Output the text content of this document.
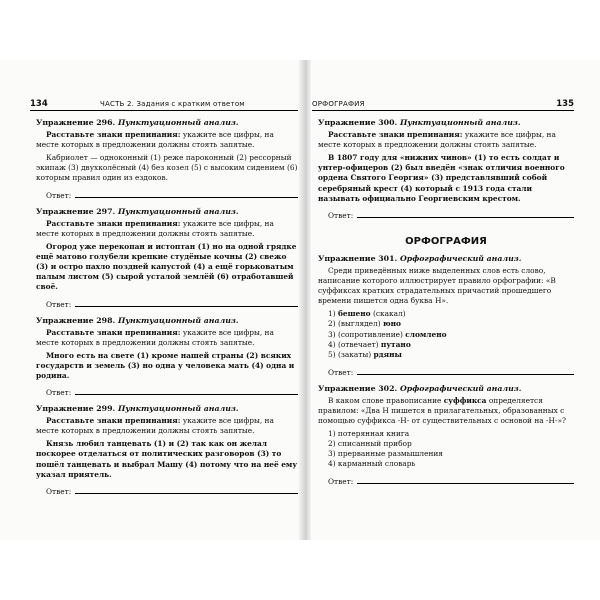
134	ЧАСТЬ 2. Задания с кратким ответом
Упражнение 296. Пунктуационный анализ.

Расставьте знаки препинания: укажите все цифры, на месте которых в предложении должны стоять запятые.

Кабриолет — одноконный (1) реже пароконный (2) рессорный экипаж (3) двухколёсный (4) без козел (5) с высоким сидением (6) которым правил один из ездоков.

Ответ:
Упражнение 297. Пунктуационный анализ.

Расставьте знаки препинания: укажите все цифры, на месте которых в предложении должны стоять запятые.

Огород уже перекопан и истоптан (1) но на одной грядке ещё матово голубели крепкие студёные кочны (2) свежо (3) и остро пахло поздней капустой (4) а ещё горьковатым палым листом (5) сырой усталой землёй (6) отработавшей своё.

Ответ:
Упражнение 298. Пунктуационный анализ.

Расставьте знаки препинания: укажите все цифры, на месте которых в предложении должны стоять запятые.

Много есть на свете (1) кроме нашей страны (2) всяких государств и земель (3) но одна у человека мать (4) одна и родина.

Ответ:
Упражнение 299. Пунктуационный анализ.

Расставьте знаки препинания: укажите все цифры, на месте которых в предложении должны стоять запятые.

Князь любил танцевать (1) и (2) так как он желал поскорее отделаться от политических разговоров (3) то пошёл танцевать и выбрал Машу (4) потому что на неё ему указал приятель.

Ответ:
ОРФОГРАФИЯ	135
Упражнение 300. Пунктуационный анализ.

Расставьте знаки препинания: укажите все цифры, на месте которых в предложении должны стоять запятые.

В 1807 году для «нижних чинов» (1) то есть солдат и унтер-офицеров (2) был введён «знак отличия военного ордена Святого Георгия» (3) представлявший собой серебряный крест (4) который с 1913 года стали называть официально Георгиевским крестом.

Ответ:
ОРФОГРАФИЯ
Упражнение 301. Орфографический анализ.

Среди приведённых ниже выделенных слов есть слово, написание которого иллюстрирует правило орфографии: «В суффиксах кратких страдательных причастий прошедшего времени пишется одна буква Н».

1) бешено (скакал)
2) (выглядел) юно
3) (сопротивление) сломлено
4) (отвечает) путано
5) (закаты) рдяны
Ответ:
Упражнение 302. Орфографический анализ.

В каком слове правописание суффикса определяется правилом: «Два Н пишется в прилагательных, образованных с помощью суффикса -Н- от существительных с основой на -Н-»?

1) потерянная книга
2) списанный прибор
3) прерванные размышления
4) карманный словарь
Ответ:
